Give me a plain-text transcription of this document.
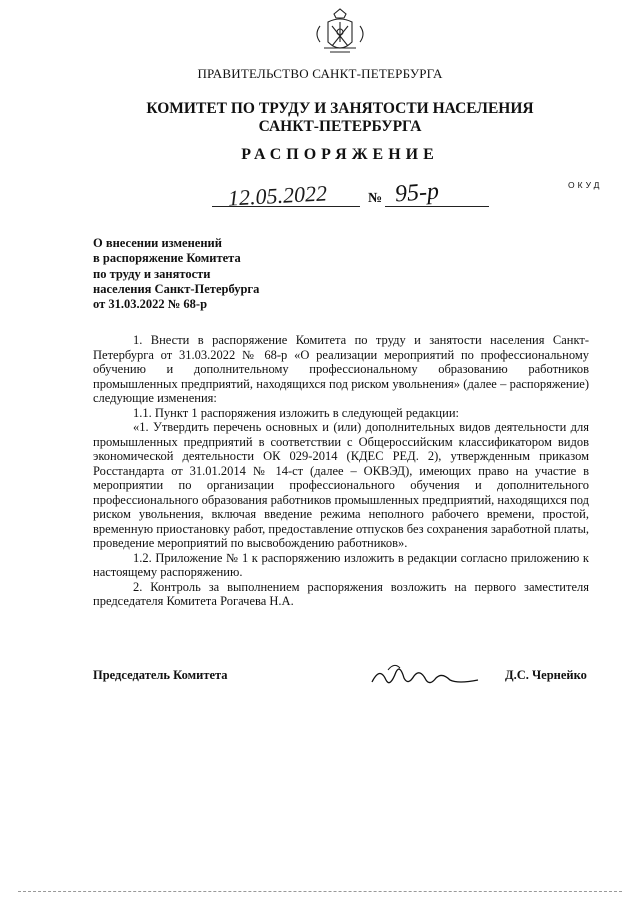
ПРАВИТЕЛЬСТВО САНКТ-ПЕТЕРБУРГА
КОМИТЕТ ПО ТРУДУ И ЗАНЯТОСТИ НАСЕЛЕНИЯ
САНКТ-ПЕТЕРБУРГА
РАСПОРЯЖЕНИЕ
ОКУД
12.05.2022	№ 95-р
О внесении изменений
в распоряжение Комитета
по труду и занятости
населения Санкт-Петербурга
от 31.03.2022 № 68-р

1. Внести в распоряжение Комитета по труду и занятости населения Санкт-Петербурга от 31.03.2022 № 68-р «О реализации мероприятий по профессиональному обучению и дополнительному профессиональному образованию работников промышленных предприятий, находящихся под риском увольнения» (далее – распоряжение) следующие изменения:

1.1. Пункт 1 распоряжения изложить в следующей редакции:

«1. Утвердить перечень основных и (или) дополнительных видов деятельности для промышленных предприятий в соответствии с Общероссийским классификатором видов экономической деятельности ОК 029-2014 (КДЕС РЕД. 2), утвержденным приказом Росстандарта от 31.01.2014 № 14-ст (далее – ОКВЭД), имеющих право на участие в мероприятии по организации профессионального обучения и дополнительного профессионального образования работников промышленных предприятий, находящихся под риском увольнения, включая введение режима неполного рабочего времени, простой, временную приостановку работ, предоставление отпусков без сохранения заработной платы, проведение мероприятий по высвобождению работников».

1.2. Приложение № 1 к распоряжению изложить в редакции согласно приложению к настоящему распоряжению.

2. Контроль за выполнением распоряжения возложить на первого заместителя председателя Комитета Рогачева Н.А.

Председатель Комитета	Д.С. Чернейко
